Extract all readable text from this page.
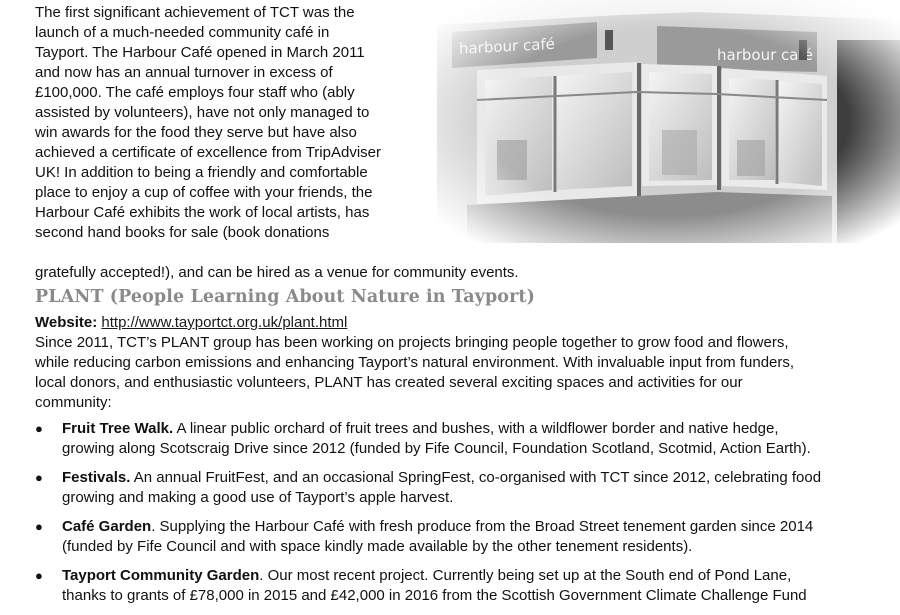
The first significant achievement of TCT was the
launch of a much-needed community café in
Tayport. The Harbour Café opened in March 2011
and now has an annual turnover in excess of
£100,000. The café employs four staff who (ably
assisted by volunteers), have not only managed to
win awards for the food they serve but have also
achieved a certificate of excellence from TripAdviser
UK! In addition to being a friendly and comfortable
place to enjoy a cup of coffee with your friends, the
Harbour Café exhibits the work of local artists, has
second hand books for sale (book donations
gratefully accepted!), and can be hired as a venue for community events.
PLANT (People Learning About Nature in Tayport)
Website: http://www.tayportct.org.uk/plant.html
Since 2011, TCT’s PLANT group has been working on projects bringing people together to grow food and flowers,
while reducing carbon emissions and enhancing Tayport’s natural environment. With invaluable input from funders,
local donors, and enthusiastic volunteers, PLANT has created several exciting spaces and activities for our
community:
● Fruit Tree Walk. A linear public orchard of fruit trees and bushes, with a wildflower border and native hedge,
growing along Scotscraig Drive since 2012 (funded by Fife Council, Foundation Scotland, Scotmid, Action Earth).
● Festivals. An annual FruitFest, and an occasional SpringFest, co-organised with TCT since 2012, celebrating food
growing and making a good use of Tayport’s apple harvest.
● Café Garden. Supplying the Harbour Café with fresh produce from the Broad Street tenement garden since 2014
(funded by Fife Council and with space kindly made available by the other tenement residents).
● Tayport Community Garden. Our most recent project. Currently being set up at the South end of Pond Lane,
thanks to grants of £78,000 in 2015 and £42,000 in 2016 from the Scottish Government Climate Challenge Fund
